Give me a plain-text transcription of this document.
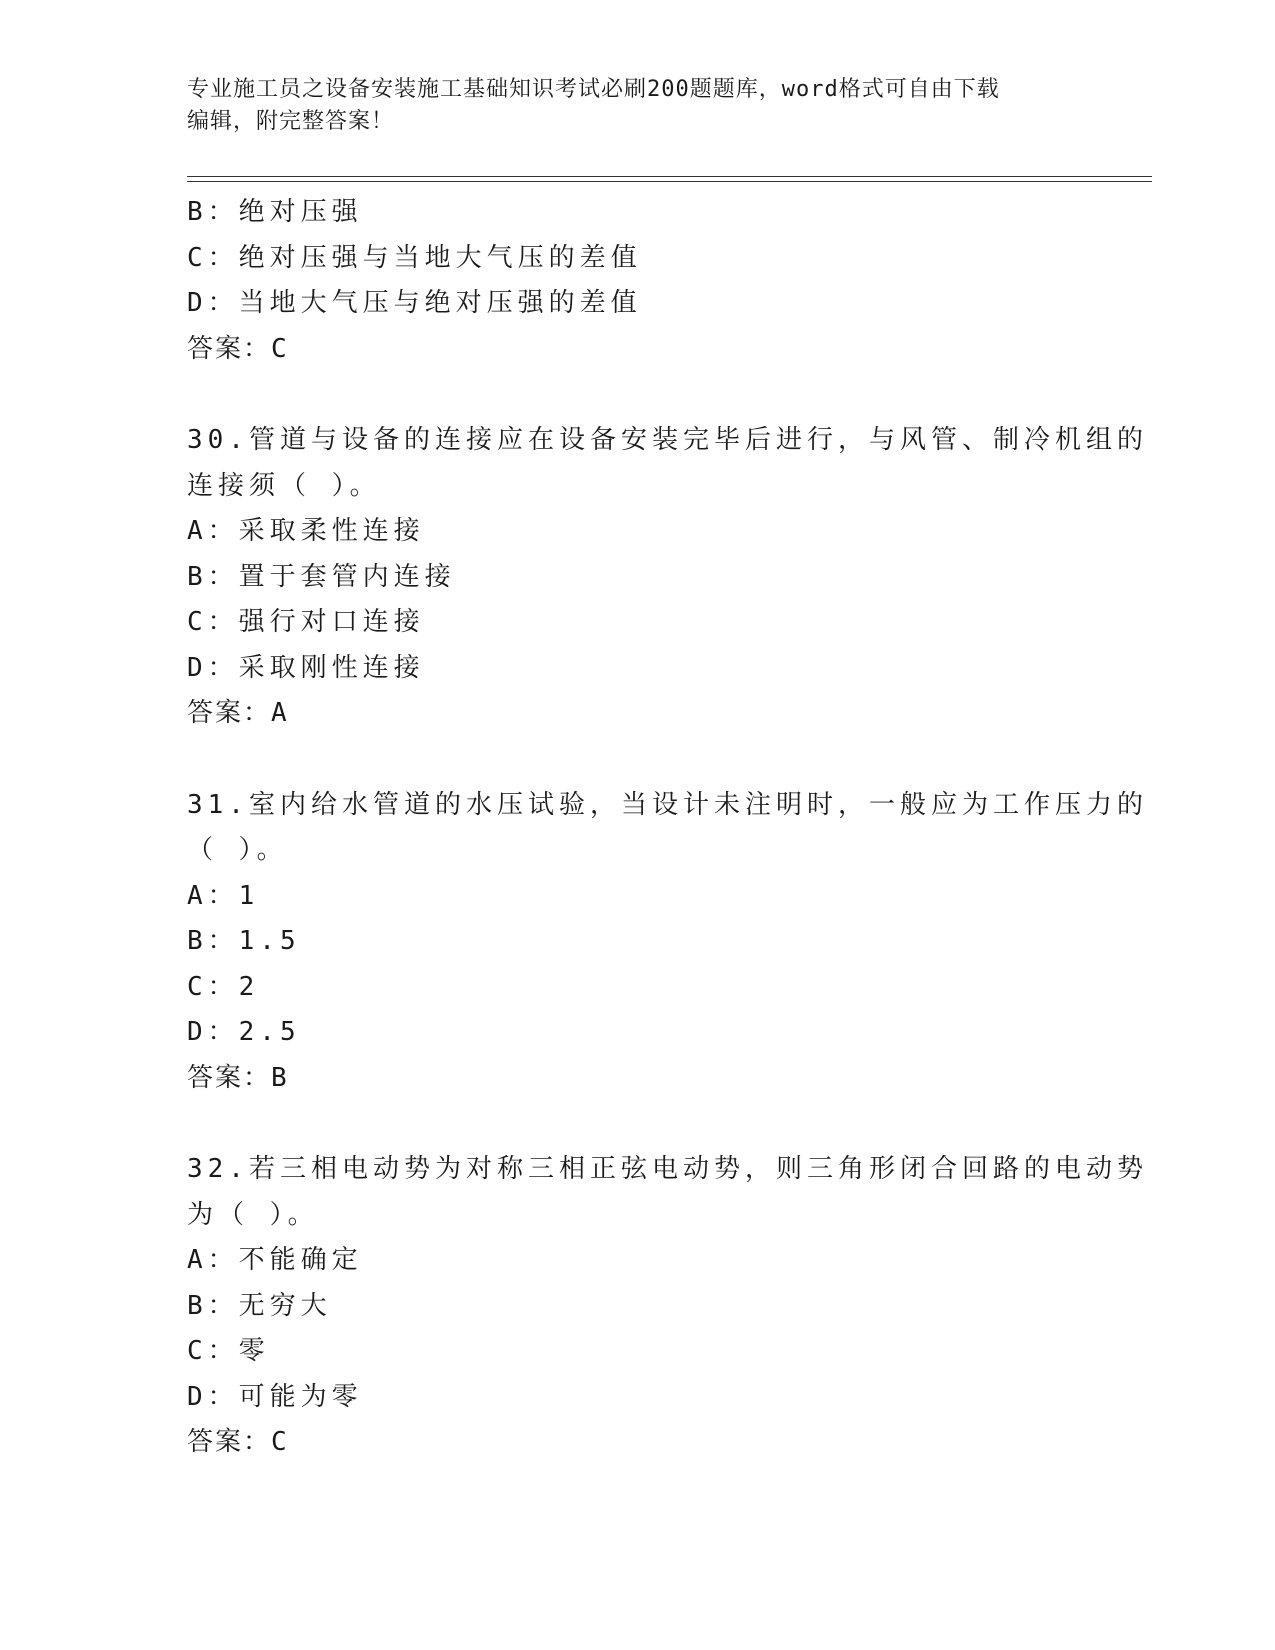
专业施工员之设备安装施工基础知识考试必刷200题题库，word格式可自由下载
编辑，附完整答案！
B：绝对压强
C：绝对压强与当地大气压的差值
D：当地大气压与绝对压强的差值
答案：C
30.管道与设备的连接应在设备安装完毕后进行，与风管、制冷机组的
连接须（ ）。
A：采取柔性连接
B：置于套管内连接
C：强行对口连接
D：采取刚性连接
答案：A
31.室内给水管道的水压试验，当设计未注明时，一般应为工作压力的
（ ）。
A：1
B：1.5
C：2
D：2.5
答案：B
32.若三相电动势为对称三相正弦电动势，则三角形闭合回路的电动势
为（ ）。
A：不能确定
B：无穷大
C：零
D：可能为零
答案：C
